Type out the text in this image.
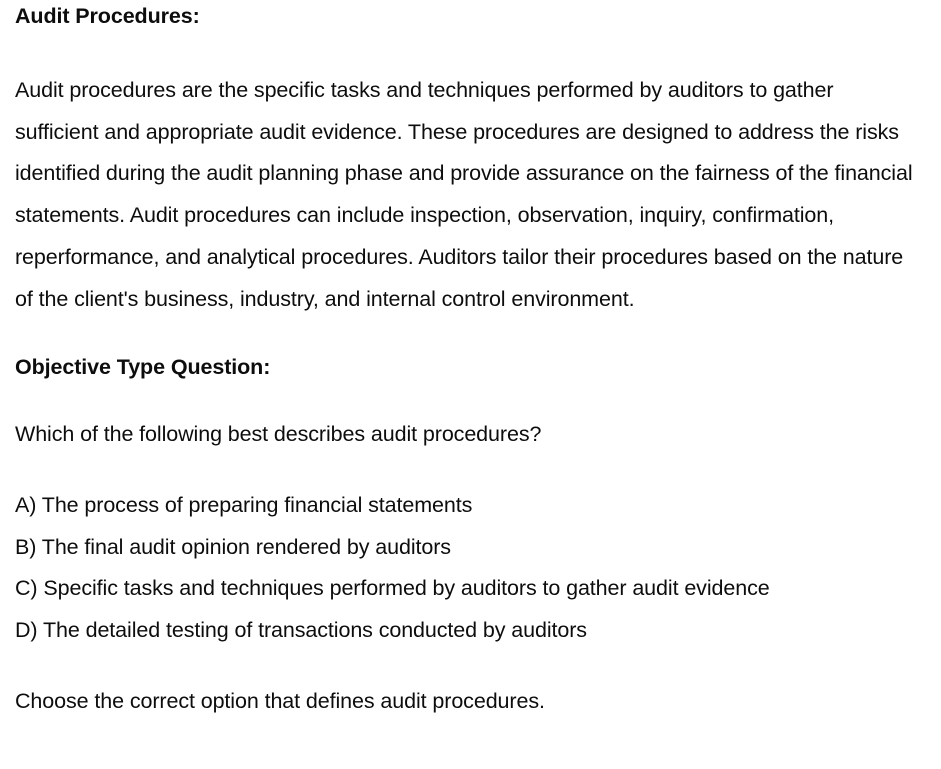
Audit Procedures:

Audit procedures are the specific tasks and techniques performed by auditors to gather sufficient and appropriate audit evidence. These procedures are designed to address the risks identified during the audit planning phase and provide assurance on the fairness of the financial statements. Audit procedures can include inspection, observation, inquiry, confirmation, reperformance, and analytical procedures. Auditors tailor their procedures based on the nature of the client's business, industry, and internal control environment.

Objective Type Question:

Which of the following best describes audit procedures?

A) The process of preparing financial statements

B) The final audit opinion rendered by auditors

C) Specific tasks and techniques performed by auditors to gather audit evidence

D) The detailed testing of transactions conducted by auditors

Choose the correct option that defines audit procedures.
